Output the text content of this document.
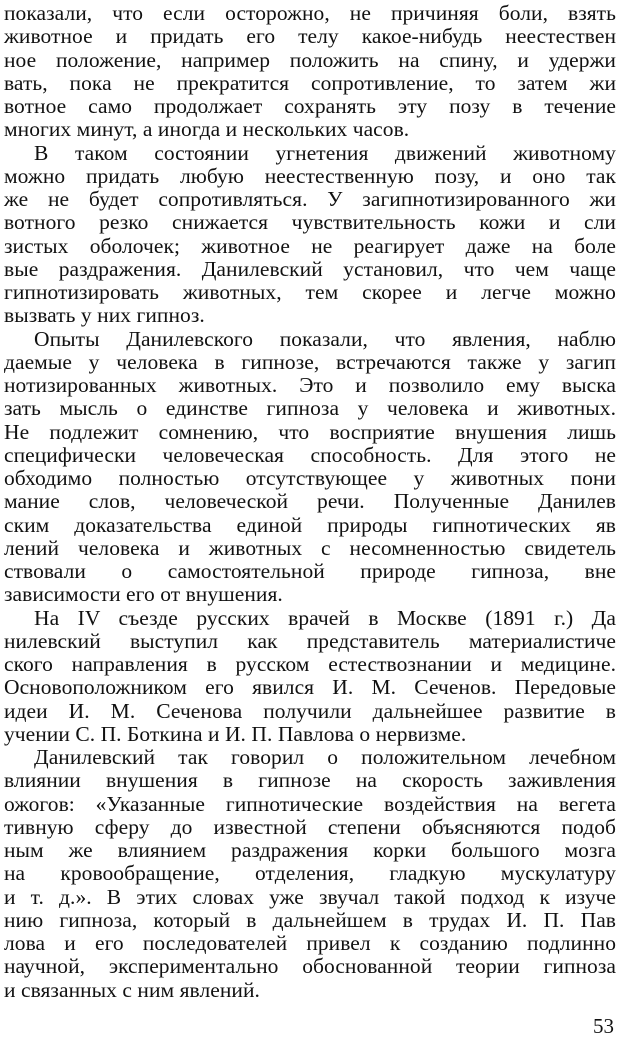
показали, что если осторожно, не причиняя боли, взять
животное и придать его телу какое-нибудь неестествен
ное положение, например положить на спину, и удержи
вать, пока не прекратится сопротивление, то затем жи
вотное само продолжает сохранять эту позу в течение
многих минут, а иногда и нескольких часов.
В таком состоянии угнетения движений животному
можно придать любую неестественную позу, и оно так
же не будет сопротивляться. У загипнотизированного жи
вотного резко снижается чувствительность кожи и сли
зистых оболочек; животное не реагирует даже на боле
вые раздражения. Данилевский установил, что чем чаще
гипнотизировать животных, тем скорее и легче можно
вызвать у них гипноз.
Опыты Данилевского показали, что явления, наблю
даемые у человека в гипнозе, встречаются также у загип
нотизированных животных. Это и позволило ему выска
зать мысль о единстве гипноза у человека и животных.
Не подлежит сомнению, что восприятие внушения лишь
специфически человеческая способность. Для этого не
обходимо полностью отсутствующее у животных пони
мание слов, человеческой речи. Полученные Данилев
ским доказательства единой природы гипнотических яв
лений человека и животных с несомненностью свидетель
ствовали о самостоятельной природе гипноза, вне
зависимости его от внушения.
На IV съезде русских врачей в Москве (1891 г.) Да
нилевский выступил как представитель материалистиче
ского направления в русском естествознании и медицине.
Основоположником его явился И. М. Сеченов. Передовые
идеи И. М. Сеченова получили дальнейшее развитие в
учении С. П. Боткина и И. П. Павлова о нервизме.
Данилевский так говорил о положительном лечебном
влиянии внушения в гипнозе на скорость заживления
ожогов: «Указанные гипнотические воздействия на вегета
тивную сферу до известной степени объясняются подоб
ным же влиянием раздражения корки большого мозга
на кровообращение, отделения, гладкую мускулатуру
и т. д.». В этих словах уже звучал такой подход к изуче
нию гипноза, который в дальнейшем в трудах И. П. Пав
лова и его последователей привел к созданию подлинно
научной, экспериментально обоснованной теории гипноза
и связанных с ним явлений.
53
